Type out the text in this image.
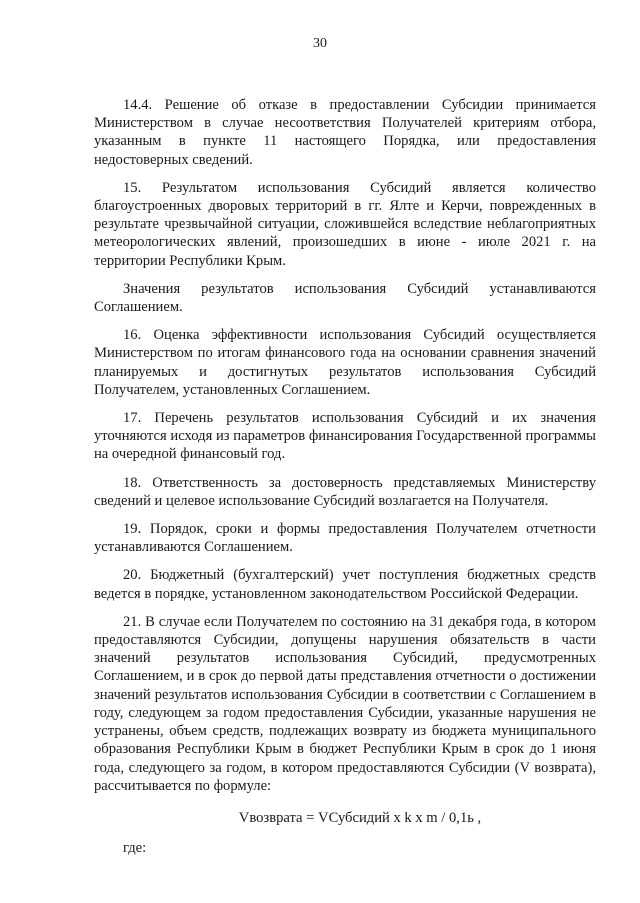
30

14.4. Решение об отказе в предоставлении Субсидии принимается Министерством в случае несоответствия Получателей критериям отбора, указанным в пункте 11 настоящего Порядка, или предоставления недостоверных сведений.

15. Результатом использования Субсидий является количество благоустроенных дворовых территорий в гг. Ялте и Керчи, поврежденных в результате чрезвычайной ситуации, сложившейся вследствие неблагоприятных метеорологических явлений, произошедших в июне - июле 2021 г. на территории Республики Крым.

Значения результатов использования Субсидий устанавливаются Соглашением.

16. Оценка эффективности использования Субсидий осуществляется Министерством по итогам финансового года на основании сравнения значений планируемых и достигнутых результатов использования Субсидий Получателем, установленных Соглашением.

17. Перечень результатов использования Субсидий и их значения уточняются исходя из параметров финансирования Государственной программы на очередной финансовый год.

18. Ответственность за достоверность представляемых Министерству сведений и целевое использование Субсидий возлагается на Получателя.

19. Порядок, сроки и формы предоставления Получателем отчетности устанавливаются Соглашением.

20. Бюджетный (бухгалтерский) учет поступления бюджетных средств ведется в порядке, установленном законодательством Российской Федерации.

21. В случае если Получателем по состоянию на 31 декабря года, в котором предоставляются Субсидии, допущены нарушения обязательств в части значений результатов использования Субсидий, предусмотренных Соглашением, и в срок до первой даты представления отчетности о достижении значений результатов использования Субсидии в соответствии с Соглашением в году, следующем за годом предоставления Субсидии, указанные нарушения не устранены, объем средств, подлежащих возврату из бюджета муниципального образования Республики Крым в бюджет Республики Крым в срок до 1 июня года, следующего за годом, в котором предоставляются Субсидии (V возврата), рассчитывается по формуле:

Vвозврата = VСубсидий x k x m / 0,1ь ,

где:
